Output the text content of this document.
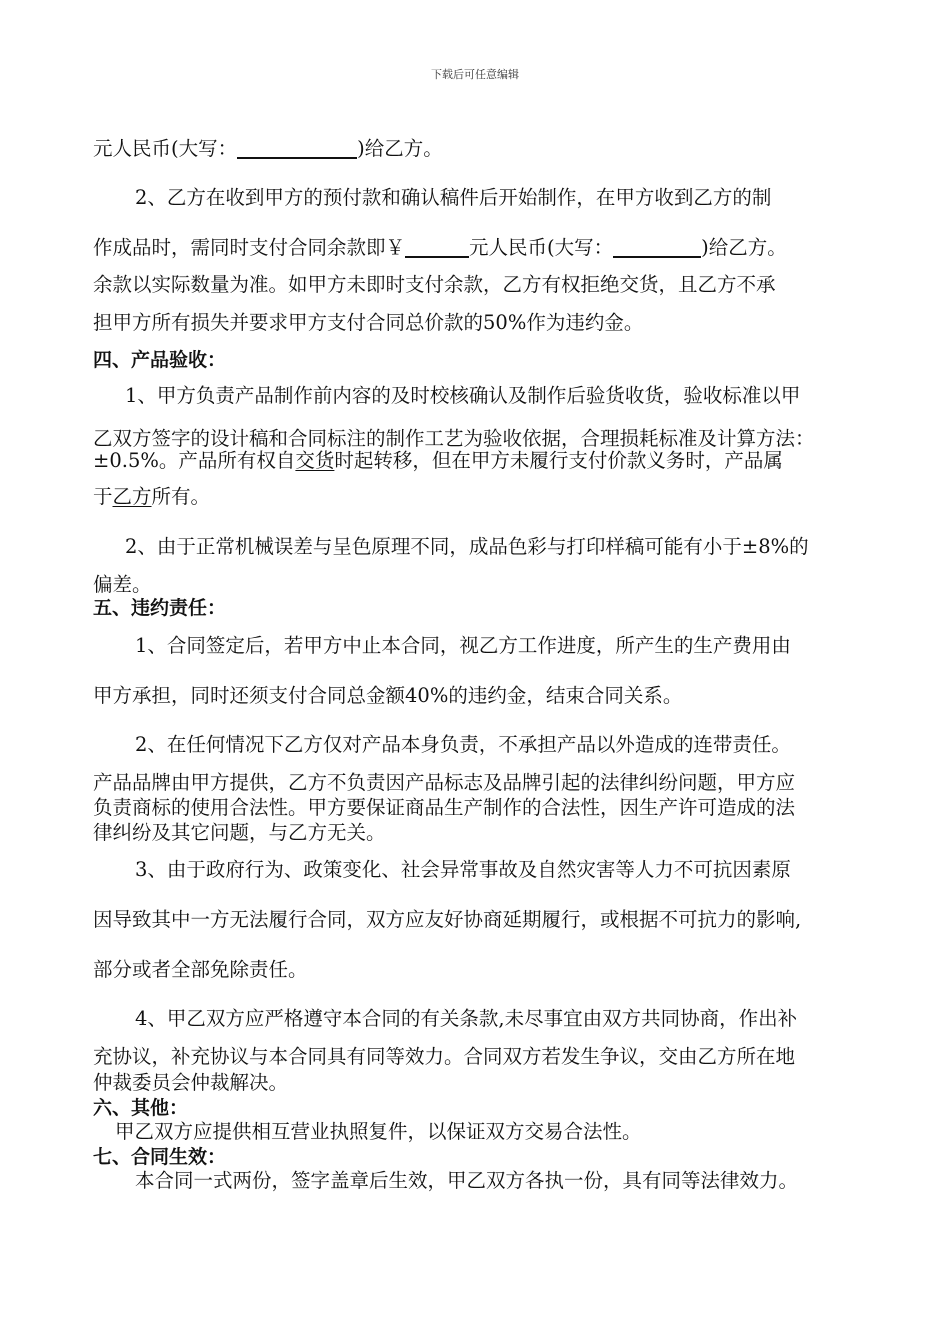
下载后可任意编辑
元人民币(大写：	)给乙方。
2、乙方在收到甲方的预付款和确认稿件后开始制作，在甲方收到乙方的制
作成品时，需同时支付合同余款即￥	元人民币(大写：	)给乙方。
余款以实际数量为准。如甲方未即时支付余款，乙方有权拒绝交货，且乙方不承
担甲方所有损失并要求甲方支付合同总价款的50%作为违约金。
四、产品验收：
1、甲方负责产品制作前内容的及时校核确认及制作后验货收货，验收标准以甲
乙双方签字的设计稿和合同标注的制作工艺为验收依据，合理损耗标准及计算方法：
±0.5%。产品所有权自交货时起转移，但在甲方未履行支付价款义务时，产品属
于乙方所有。
2、由于正常机械误差与呈色原理不同，成品色彩与打印样稿可能有小于±8%的
偏差。
五、违约责任：
1、合同签定后，若甲方中止本合同，视乙方工作进度，所产生的生产费用由
甲方承担，同时还须支付合同总金额40%的违约金，结束合同关系。
2、在任何情况下乙方仅对产品本身负责，不承担产品以外造成的连带责任。
产品品牌由甲方提供，乙方不负责因产品标志及品牌引起的法律纠纷问题，甲方应
负责商标的使用合法性。甲方要保证商品生产制作的合法性，因生产许可造成的法
律纠纷及其它问题，与乙方无关。
3、由于政府行为、政策变化、社会异常事故及自然灾害等人力不可抗因素原
因导致其中一方无法履行合同，双方应友好协商延期履行，或根据不可抗力的影响,
部分或者全部免除责任。
4、甲乙双方应严格遵守本合同的有关条款,未尽事宜由双方共同协商，作出补
充协议，补充协议与本合同具有同等效力。合同双方若发生争议，交由乙方所在地
仲裁委员会仲裁解决。
六、其他：
甲乙双方应提供相互营业执照复件，以保证双方交易合法性。
七、合同生效：
本合同一式两份，签字盖章后生效，甲乙双方各执一份，具有同等法律效力。
